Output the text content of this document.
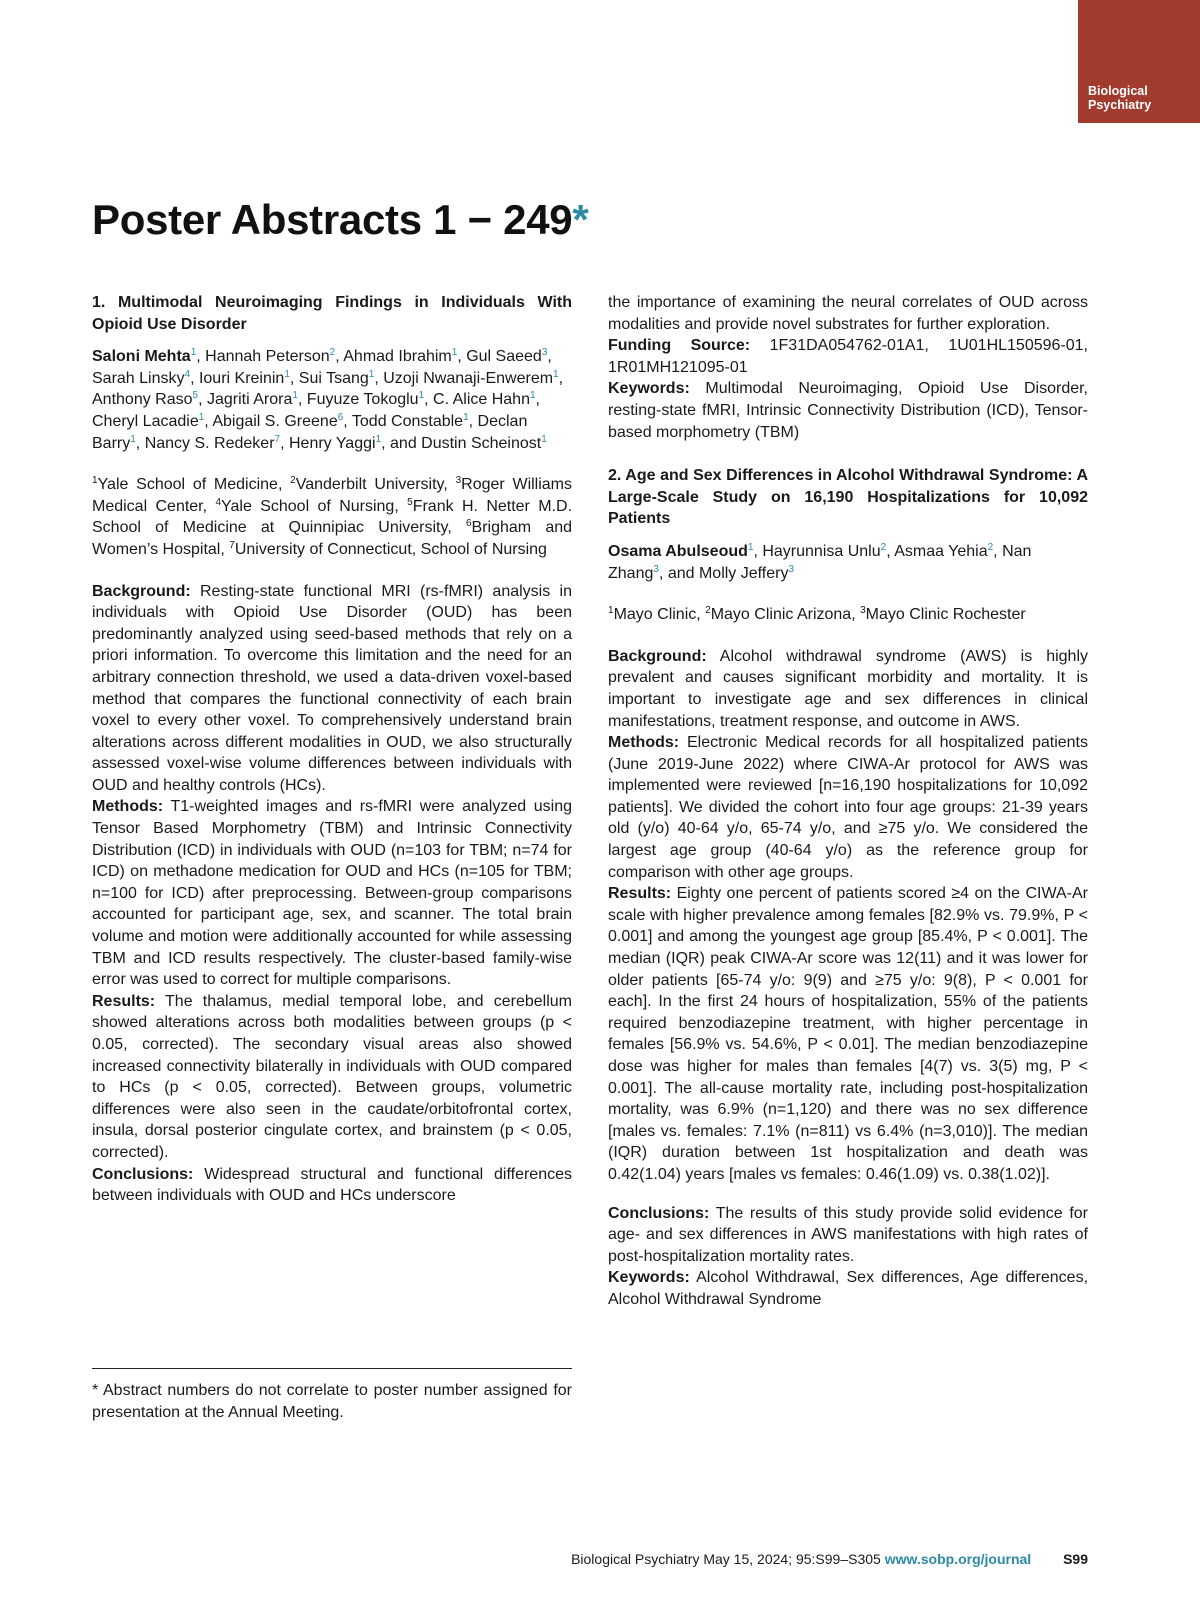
Biological
Psychiatry
Poster Abstracts 1 − 249*

1. Multimodal Neuroimaging Findings in Individuals With Opioid Use Disorder

Saloni Mehta$^1$, Hannah Peterson$^2$, Ahmad Ibrahim$^1$, Gul Saeed$^3$, Sarah Linsky$^4$, Iouri Kreinin$^1$, Sui Tsang$^1$, Uzoji Nwanaji-Enwerem$^1$, Anthony Raso$^5$, Jagriti Arora$^1$, Fuyuze Tokoglu$^1$, C. Alice Hahn$^1$, Cheryl Lacadie$^1$, Abigail S. Greene$^6$, Todd Constable$^1$, Declan Barry$^1$, Nancy S. Redeker$^7$, Henry Yaggi$^1$, and Dustin Scheinost$^1$

$^1$Yale School of Medicine, $^2$Vanderbilt University, $^3$Roger Williams Medical Center, $^4$Yale School of Nursing, $^5$Frank H. Netter M.D. School of Medicine at Quinnipiac University, $^6$Brigham and Women’s Hospital, $^7$University of Connecticut, School of Nursing

Background: Resting-state functional MRI (rs-fMRI) analysis in individuals with Opioid Use Disorder (OUD) has been predominantly analyzed using seed-based methods that rely on a priori information. To overcome this limitation and the need for an arbitrary connection threshold, we used a data-driven voxel-based method that compares the functional connectivity of each brain voxel to every other voxel. To comprehensively understand brain alterations across different modalities in OUD, we also structurally assessed voxel-wise volume differences between individuals with OUD and healthy controls (HCs).

Methods: T1-weighted images and rs-fMRI were analyzed using Tensor Based Morphometry (TBM) and Intrinsic Connectivity Distribution (ICD) in individuals with OUD (n=103 for TBM; n=74 for ICD) on methadone medication for OUD and HCs (n=105 for TBM; n=100 for ICD) after preprocessing. Between-group comparisons accounted for participant age, sex, and scanner. The total brain volume and motion were additionally accounted for while assessing TBM and ICD results respectively. The cluster-based family-wise error was used to correct for multiple comparisons.

Results: The thalamus, medial temporal lobe, and cerebellum showed alterations across both modalities between groups (p < 0.05, corrected). The secondary visual areas also showed increased connectivity bilaterally in individuals with OUD compared to HCs (p < 0.05, corrected). Between groups, volumetric differences were also seen in the caudate/orbitofrontal cortex, insula, dorsal posterior cingulate cortex, and brainstem (p < 0.05, corrected).

Conclusions: Widespread structural and functional differences between individuals with OUD and HCs underscore

the importance of examining the neural correlates of OUD across modalities and provide novel substrates for further exploration.

Funding Source: 1F31DA054762-01A1, 1U01HL150596-01, 1R01MH121095-01

Keywords: Multimodal Neuroimaging, Opioid Use Disorder, resting-state fMRI, Intrinsic Connectivity Distribution (ICD), Tensor-based morphometry (TBM)

2. Age and Sex Differences in Alcohol Withdrawal Syndrome: A Large-Scale Study on 16,190 Hospitalizations for 10,092 Patients

Osama Abulseoud$^1$, Hayrunnisa Unlu$^2$, Asmaa Yehia$^2$, Nan Zhang$^3$, and Molly Jeffery$^3$

$^1$Mayo Clinic, $^2$Mayo Clinic Arizona, $^3$Mayo Clinic Rochester

Background: Alcohol withdrawal syndrome (AWS) is highly prevalent and causes significant morbidity and mortality. It is important to investigate age and sex differences in clinical manifestations, treatment response, and outcome in AWS.

Methods: Electronic Medical records for all hospitalized patients (June 2019-June 2022) where CIWA-Ar protocol for AWS was implemented were reviewed [n=16,190 hospitalizations for 10,092 patients]. We divided the cohort into four age groups: 21-39 years old (y/o) 40-64 y/o, 65-74 y/o, and ≥75 y/o. We considered the largest age group (40-64 y/o) as the reference group for comparison with other age groups.

Results: Eighty one percent of patients scored ≥4 on the CIWA-Ar scale with higher prevalence among females [82.9% vs. 79.9%, P < 0.001] and among the youngest age group [85.4%, P < 0.001]. The median (IQR) peak CIWA-Ar score was 12(11) and it was lower for older patients [65-74 y/o: 9(9) and ≥75 y/o: 9(8), P < 0.001 for each]. In the first 24 hours of hospitalization, 55% of the patients required benzodiazepine treatment, with higher percentage in females [56.9% vs. 54.6%, P < 0.01]. The median benzodiazepine dose was higher for males than females [4(7) vs. 3(5) mg, P < 0.001]. The all-cause mortality rate, including post-hospitalization mortality, was 6.9% (n=1,120) and there was no sex difference [males vs. females: 7.1% (n=811) vs 6.4% (n=3,010)]. The median (IQR) duration between 1st hospitalization and death was 0.42(1.04) years [males vs females: 0.46(1.09) vs. 0.38(1.02)].

Conclusions: The results of this study provide solid evidence for age- and sex differences in AWS manifestations with high rates of post-hospitalization mortality rates.

Keywords: Alcohol Withdrawal, Sex differences, Age differences, Alcohol Withdrawal Syndrome

* Abstract numbers do not correlate to poster number assigned for presentation at the Annual Meeting.

Biological Psychiatry May 15, 2024; 95:S99–S305 www.sobp.org/journal S99
